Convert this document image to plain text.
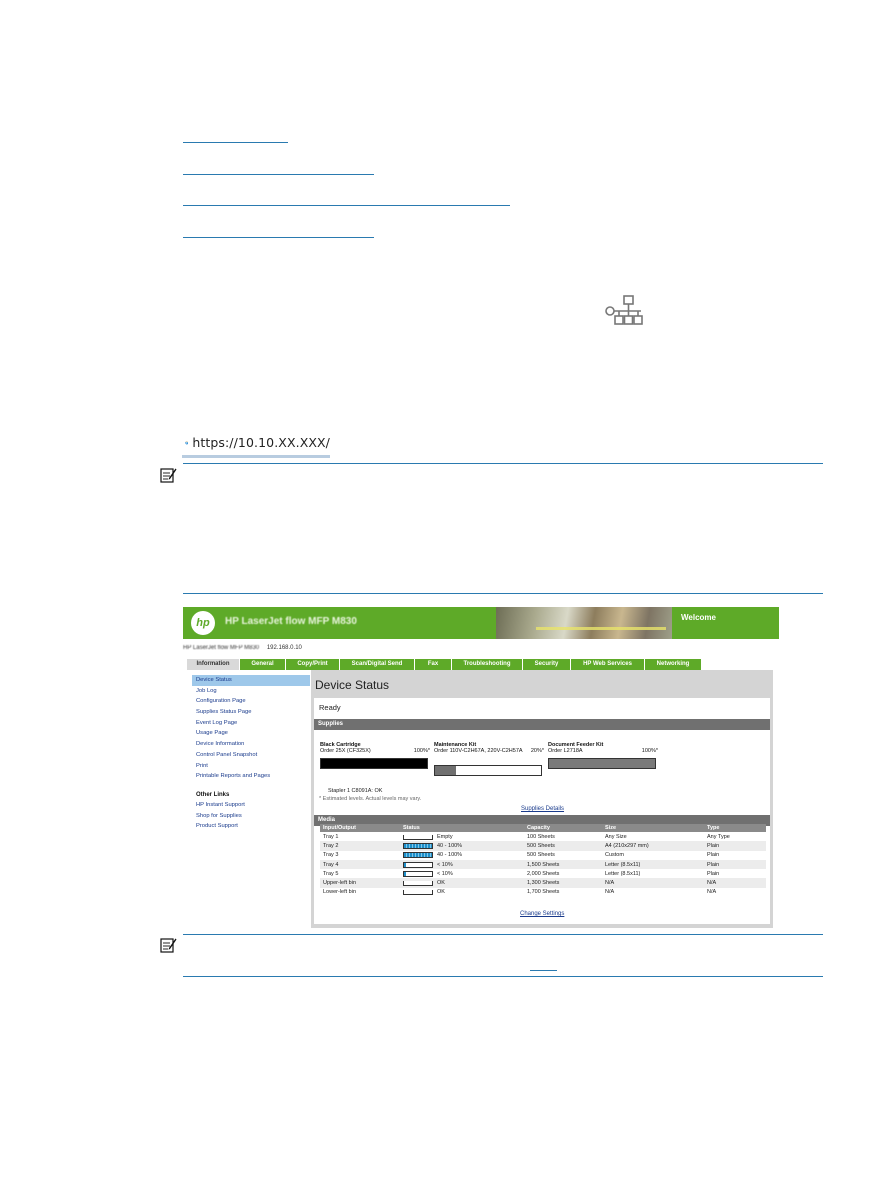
https://10.10.XX.XXX/
hp	HP LaserJet flow MFP M830	Welcome
HP LaserJet flow MFP M830 192.168.0.10
Information	General	Copy/Print	Scan/Digital Send	Fax	Troubleshooting	Security	HP Web Services	Networking
Device Status
Job Log
Configuration Page
Supplies Status Page
Event Log Page
Usage Page
Device Information
Control Panel Snapshot
Print
Printable Reports and Pages
Other Links
HP Instant Support
Shop for Supplies
Product Support
Device Status
Ready
Supplies
Black Cartridge
Order 25X (CF325X)	100%*
Maintenance Kit
Order 110V-C2H67A, 220V-C2H57A 20%*
Document Feeder Kit
Order L2718A	100%*
Stapler 1 C8091A: OK
* Estimated levels. Actual levels may vary.
Supplies Details
Media
Input/Output	Status	Capacity	Size	Type
Tray 1	Empty	100 Sheets	Any Size	Any Type
Tray 2	40 - 100%	500 Sheets	A4 (210x297 mm)	Plain
Tray 3	40 - 100%	500 Sheets	Custom	Plain
Tray 4	< 10%	1,500 Sheets	Letter (8.5x11)	Plain
Tray 5	< 10%	2,000 Sheets	Letter (8.5x11)	Plain
Upper-left bin	OK	1,300 Sheets	N/A	N/A
Lower-left bin	OK	1,700 Sheets	N/A	N/A
Change Settings
